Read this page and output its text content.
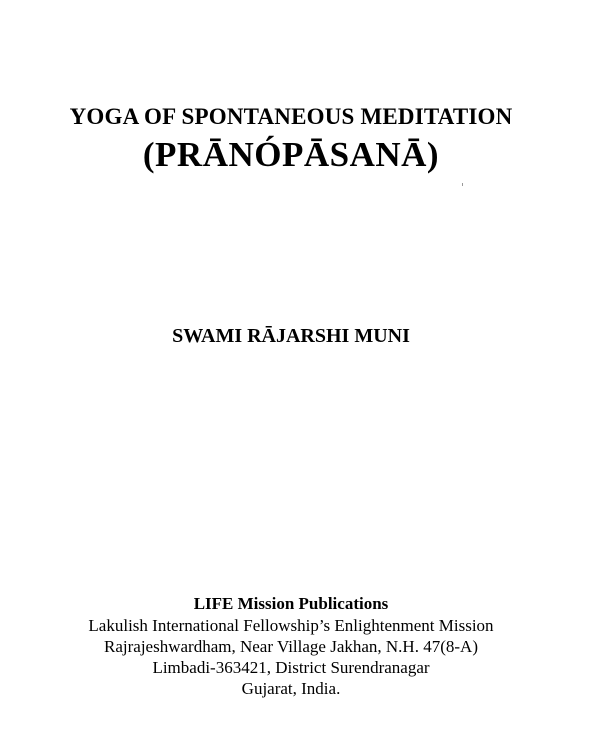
YOGA OF SPONTANEOUS MEDITATION
(PRĀNÓPĀSANĀ)
SWAMI RĀJARSHI MUNI
LIFE Mission Publications
Lakulish International Fellowship’s Enlightenment Mission
Rajrajeshwardham, Near Village Jakhan, N.H. 47(8-A)
Limbadi-363421, District Surendranagar
Gujarat, India.
